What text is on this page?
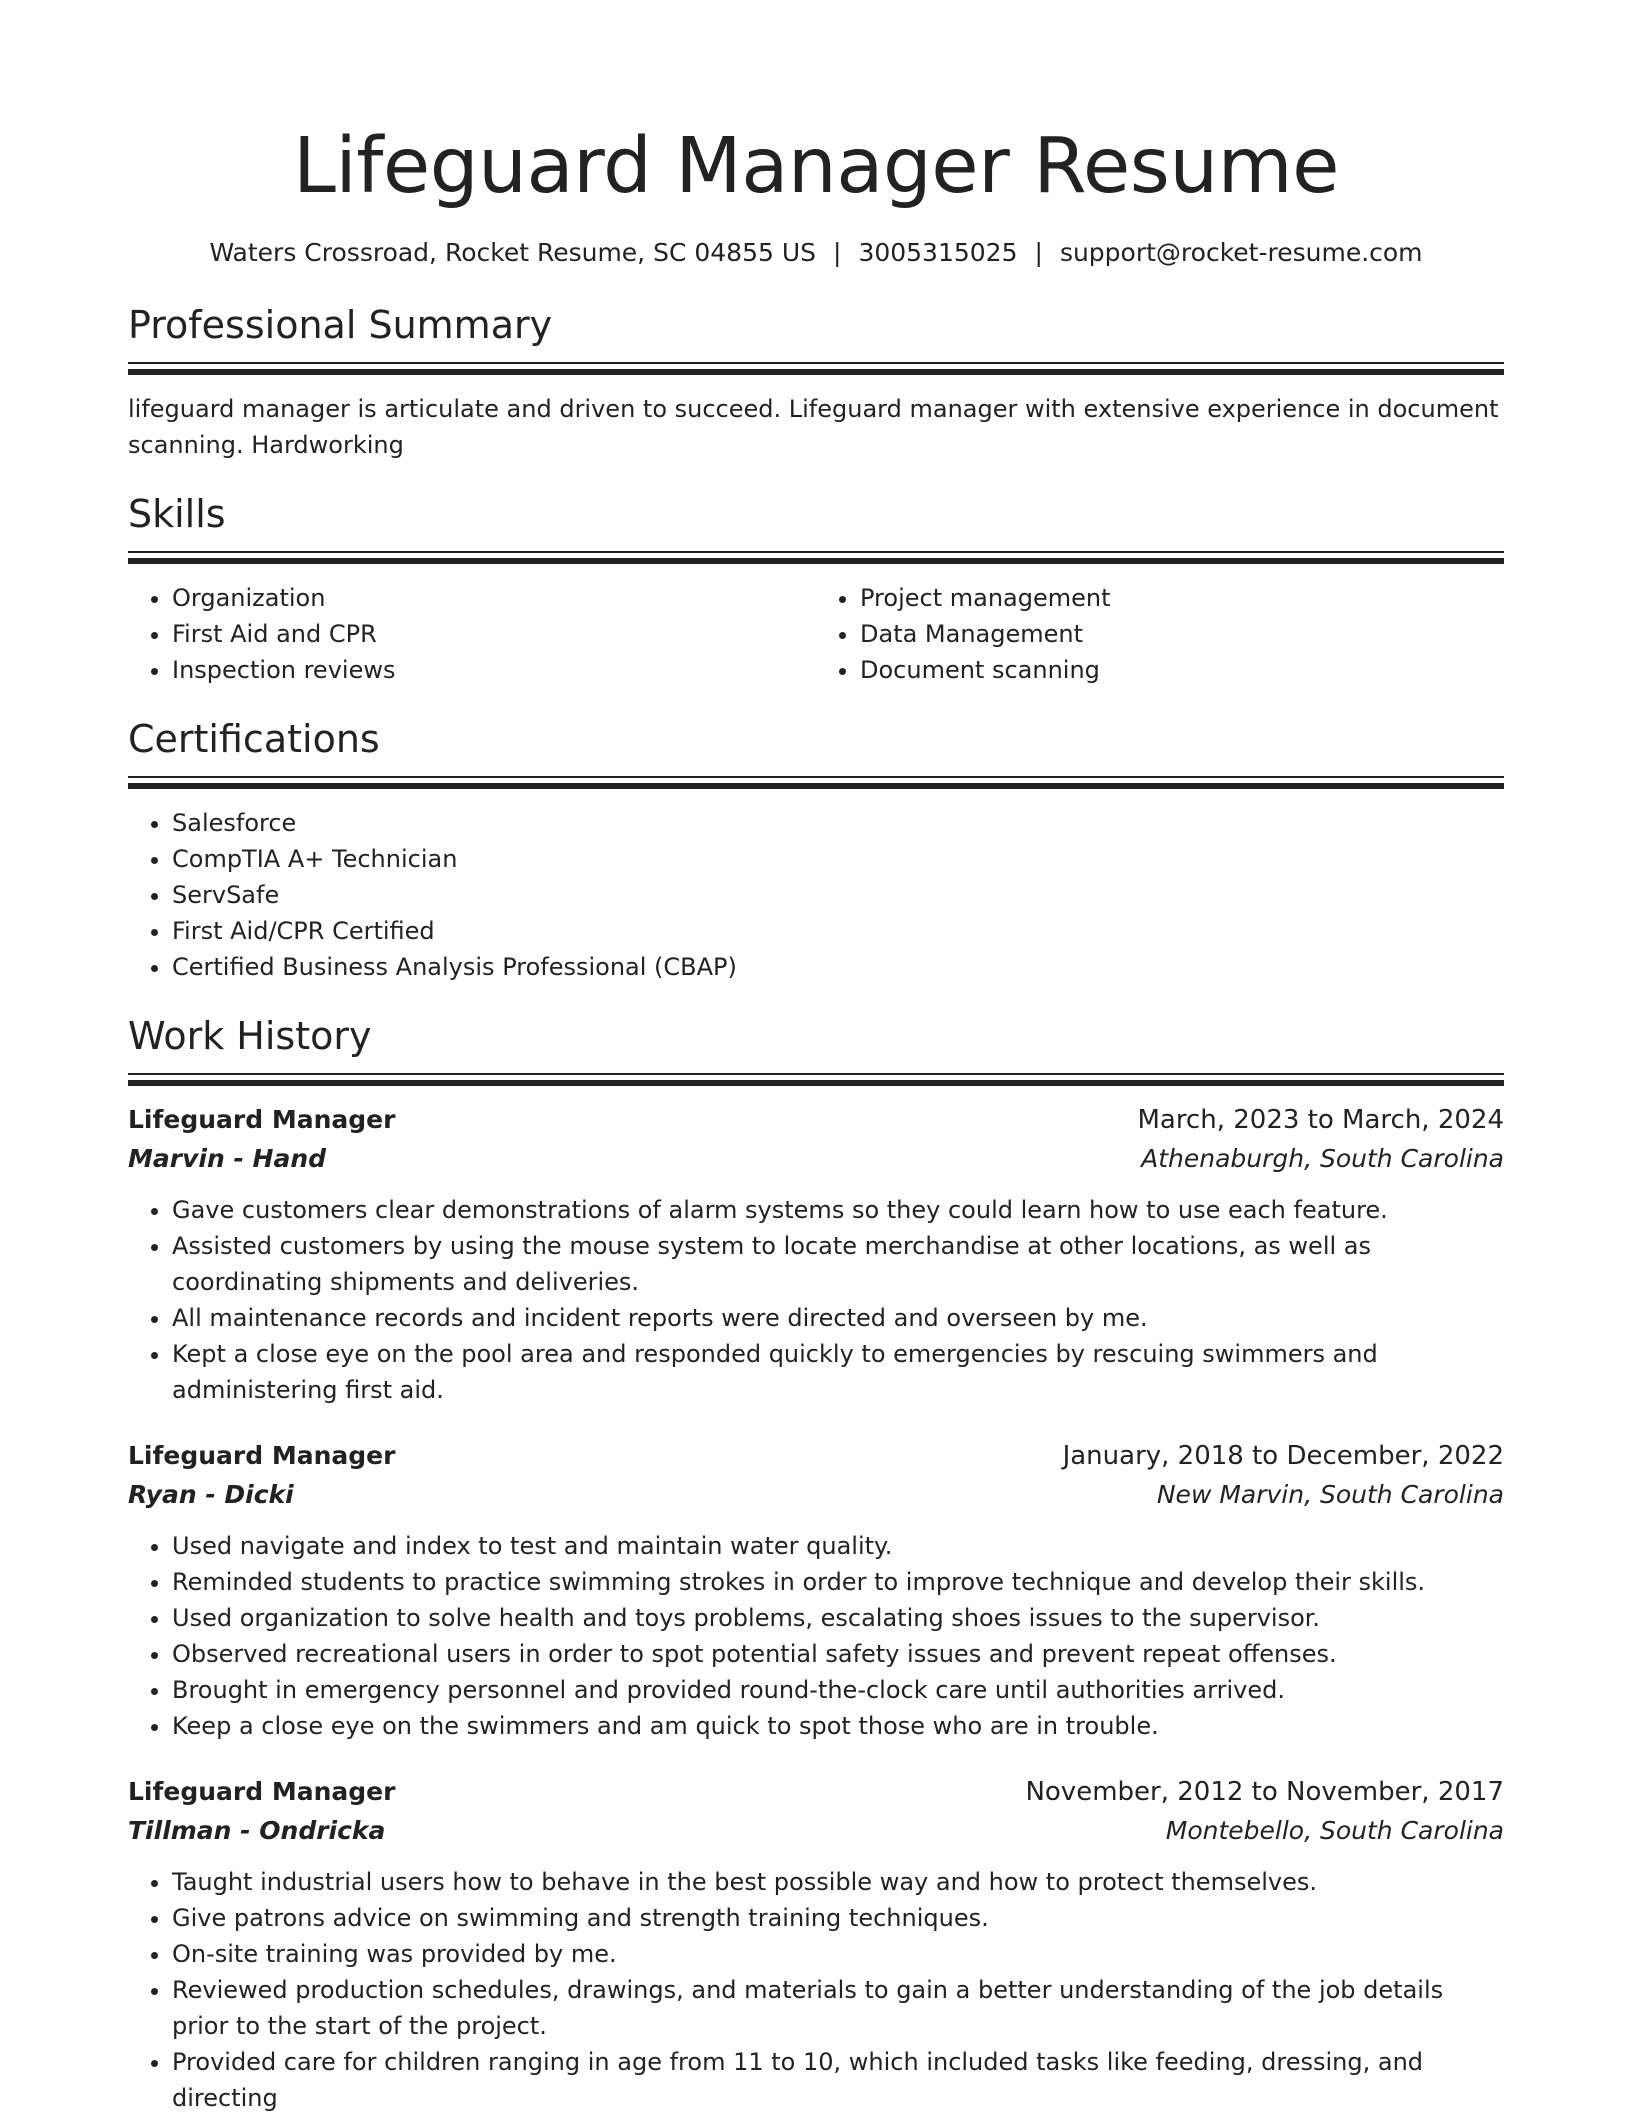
Lifeguard Manager Resume
Waters Crossroad, Rocket Resume, SC 04855 US | 3005315025 | support@rocket-resume.com
Professional Summary

lifeguard manager is articulate and driven to succeed. Lifeguard manager with extensive experience in document scanning. Hardworking

Skills
• Organization
• First Aid and CPR
• Inspection reviews
• Project management
• Data Management
• Document scanning
Certifications
• Salesforce
• CompTIA A+ Technician
• ServSafe
• First Aid/CPR Certified
• Certified Business Analysis Professional (CBAP)
Work History
Lifeguard Manager	March, 2023 to March, 2024
Marvin - Hand	Athenaburgh, South Carolina
• Gave customers clear demonstrations of alarm systems so they could learn how to use each feature.
• Assisted customers by using the mouse system to locate merchandise at other locations, as well as coordinating shipments and deliveries.
• All maintenance records and incident reports were directed and overseen by me.
• Kept a close eye on the pool area and responded quickly to emergencies by rescuing swimmers and administering first aid.
Lifeguard Manager	January, 2018 to December, 2022
Ryan - Dicki	New Marvin, South Carolina
• Used navigate and index to test and maintain water quality.
• Reminded students to practice swimming strokes in order to improve technique and develop their skills.
• Used organization to solve health and toys problems, escalating shoes issues to the supervisor.
• Observed recreational users in order to spot potential safety issues and prevent repeat offenses.
• Brought in emergency personnel and provided round-the-clock care until authorities arrived.
• Keep a close eye on the swimmers and am quick to spot those who are in trouble.
Lifeguard Manager	November, 2012 to November, 2017
Tillman - Ondricka	Montebello, South Carolina
• Taught industrial users how to behave in the best possible way and how to protect themselves.
• Give patrons advice on swimming and strength training techniques.
• On-site training was provided by me.
• Reviewed production schedules, drawings, and materials to gain a better understanding of the job details prior to the start of the project.
• Provided care for children ranging in age from 11 to 10, which included tasks like feeding, dressing, and directing
